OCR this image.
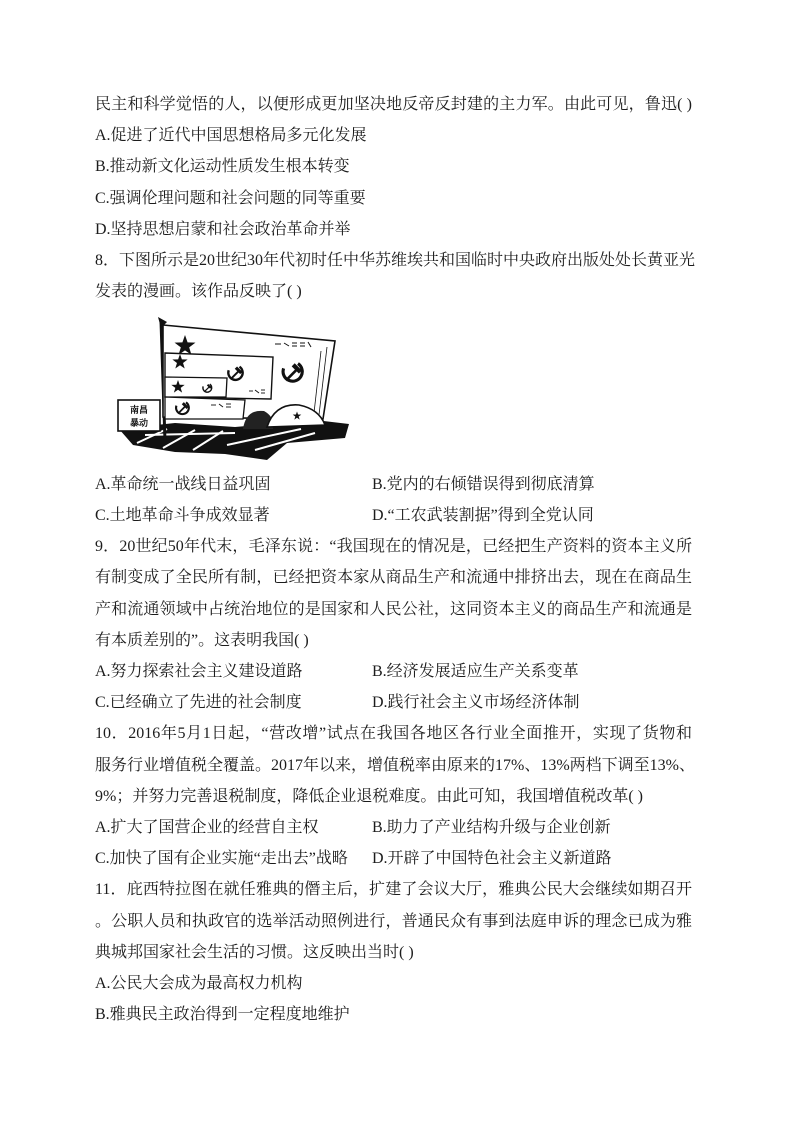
民主和科学觉悟的人，以便形成更加坚决地反帝反封建的主力军。由此可见，鲁迅( )
A.促进了近代中国思想格局多元化发展
B.推动新文化运动性质发生根本转变
C.强调伦理问题和社会问题的同等重要
D.坚持思想启蒙和社会政治革命并举
8．下图所示是20世纪30年代初时任中华苏维埃共和国临时中央政府出版处处长黄亚光
发表的漫画。该作品反映了( )
南昌
暴动
A.革命统一战线日益巩固	B.党内的右倾错误得到彻底清算
C.土地革命斗争成效显著	D.“工农武装割据”得到全党认同
9．20世纪50年代末，毛泽东说：“我国现在的情况是，已经把生产资料的资本主义所
有制变成了全民所有制，已经把资本家从商品生产和流通中排挤出去，现在在商品生
产和流通领域中占统治地位的是国家和人民公社，这同资本主义的商品生产和流通是
有本质差别的”。这表明我国( )
A.努力探索社会主义建设道路	B.经济发展适应生产关系变革
C.已经确立了先进的社会制度	D.践行社会主义市场经济体制
10．2016年5月1日起，“营改增”试点在我国各地区各行业全面推开，实现了货物和
服务行业增值税全覆盖。2017年以来，增值税率由原来的17%、13%两档下调至13%、
9%；并努力完善退税制度，降低企业退税难度。由此可知，我国增值税改革( )
A.扩大了国营企业的经营自主权	B.助力了产业结构升级与企业创新
C.加快了国有企业实施“走出去”战略	D.开辟了中国特色社会主义新道路
11．庇西特拉图在就任雅典的僭主后，扩建了会议大厅，雅典公民大会继续如期召开
。公职人员和执政官的选举活动照例进行，普通民众有事到法庭申诉的理念已成为雅
典城邦国家社会生活的习惯。这反映出当时( )
A.公民大会成为最高权力机构
B.雅典民主政治得到一定程度地维护
